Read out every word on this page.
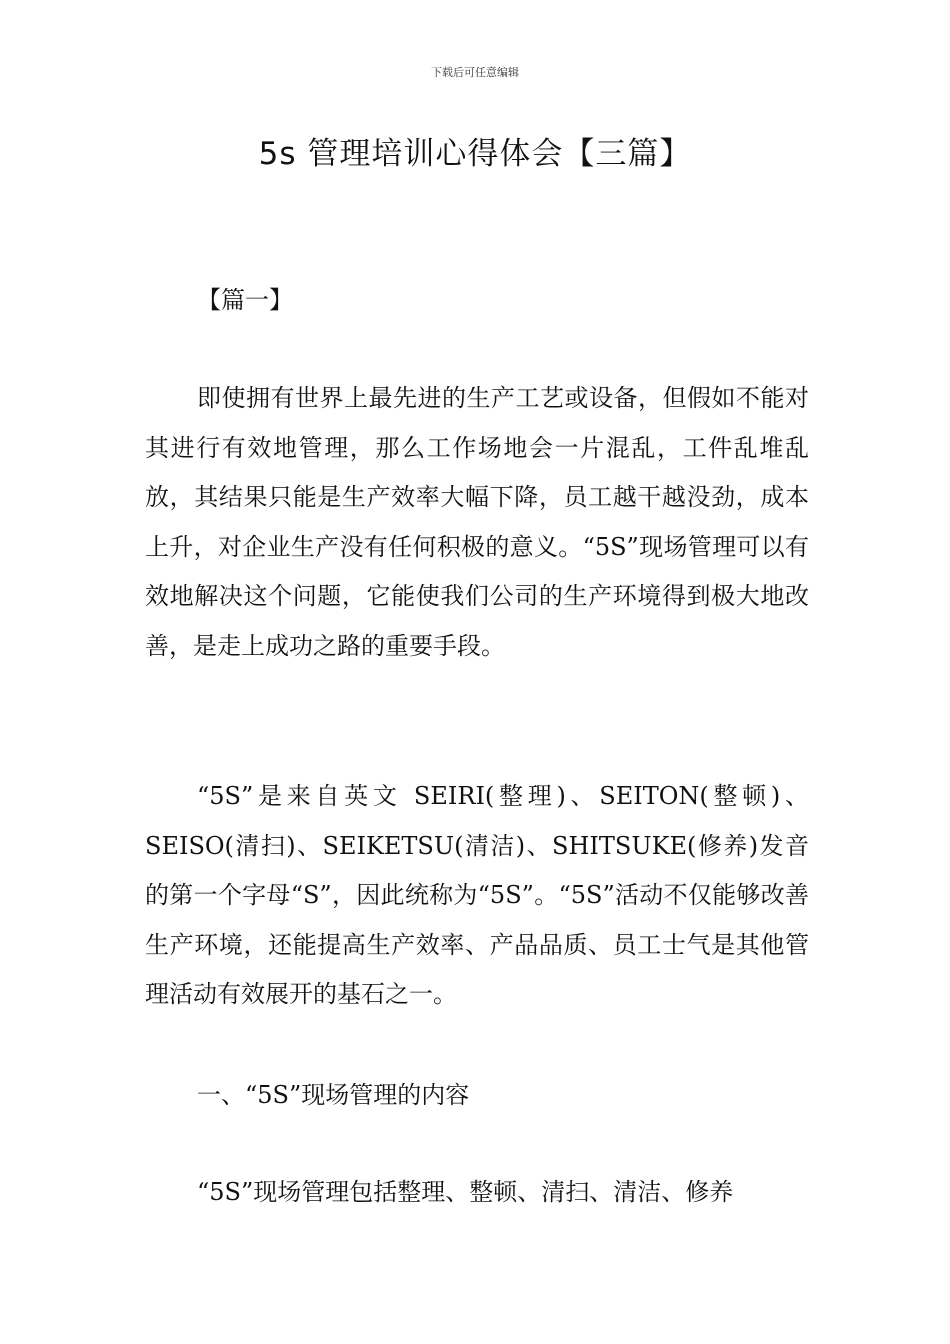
下载后可任意编辑
5s 管理培训心得体会【三篇】
【篇一】

即使拥有世界上最先进的生产工艺或设备，但假如不能对其进行有效地管理，那么工作场地会一片混乱，工件乱堆乱放，其结果只能是生产效率大幅下降，员工越干越没劲，成本上升，对企业生产没有任何积极的意义。“5S”现场管理可以有效地解决这个问题，它能使我们公司的生产环境得到极大地改善，是走上成功之路的重要手段。

“5S”是来自英文 SEIRI(整理)、SEITON(整顿)、SEISO(清扫)、SEIKETSU(清洁)、SHITSUKE(修养)发音的第一个字母“S”，因此统称为“5S”。“5S”活动不仅能够改善生产环境，还能提高生产效率、产品品质、员工士气是其他管理活动有效展开的基石之一。

一、“5S”现场管理的内容

“5S”现场管理包括整理、整顿、清扫、清洁、修养
